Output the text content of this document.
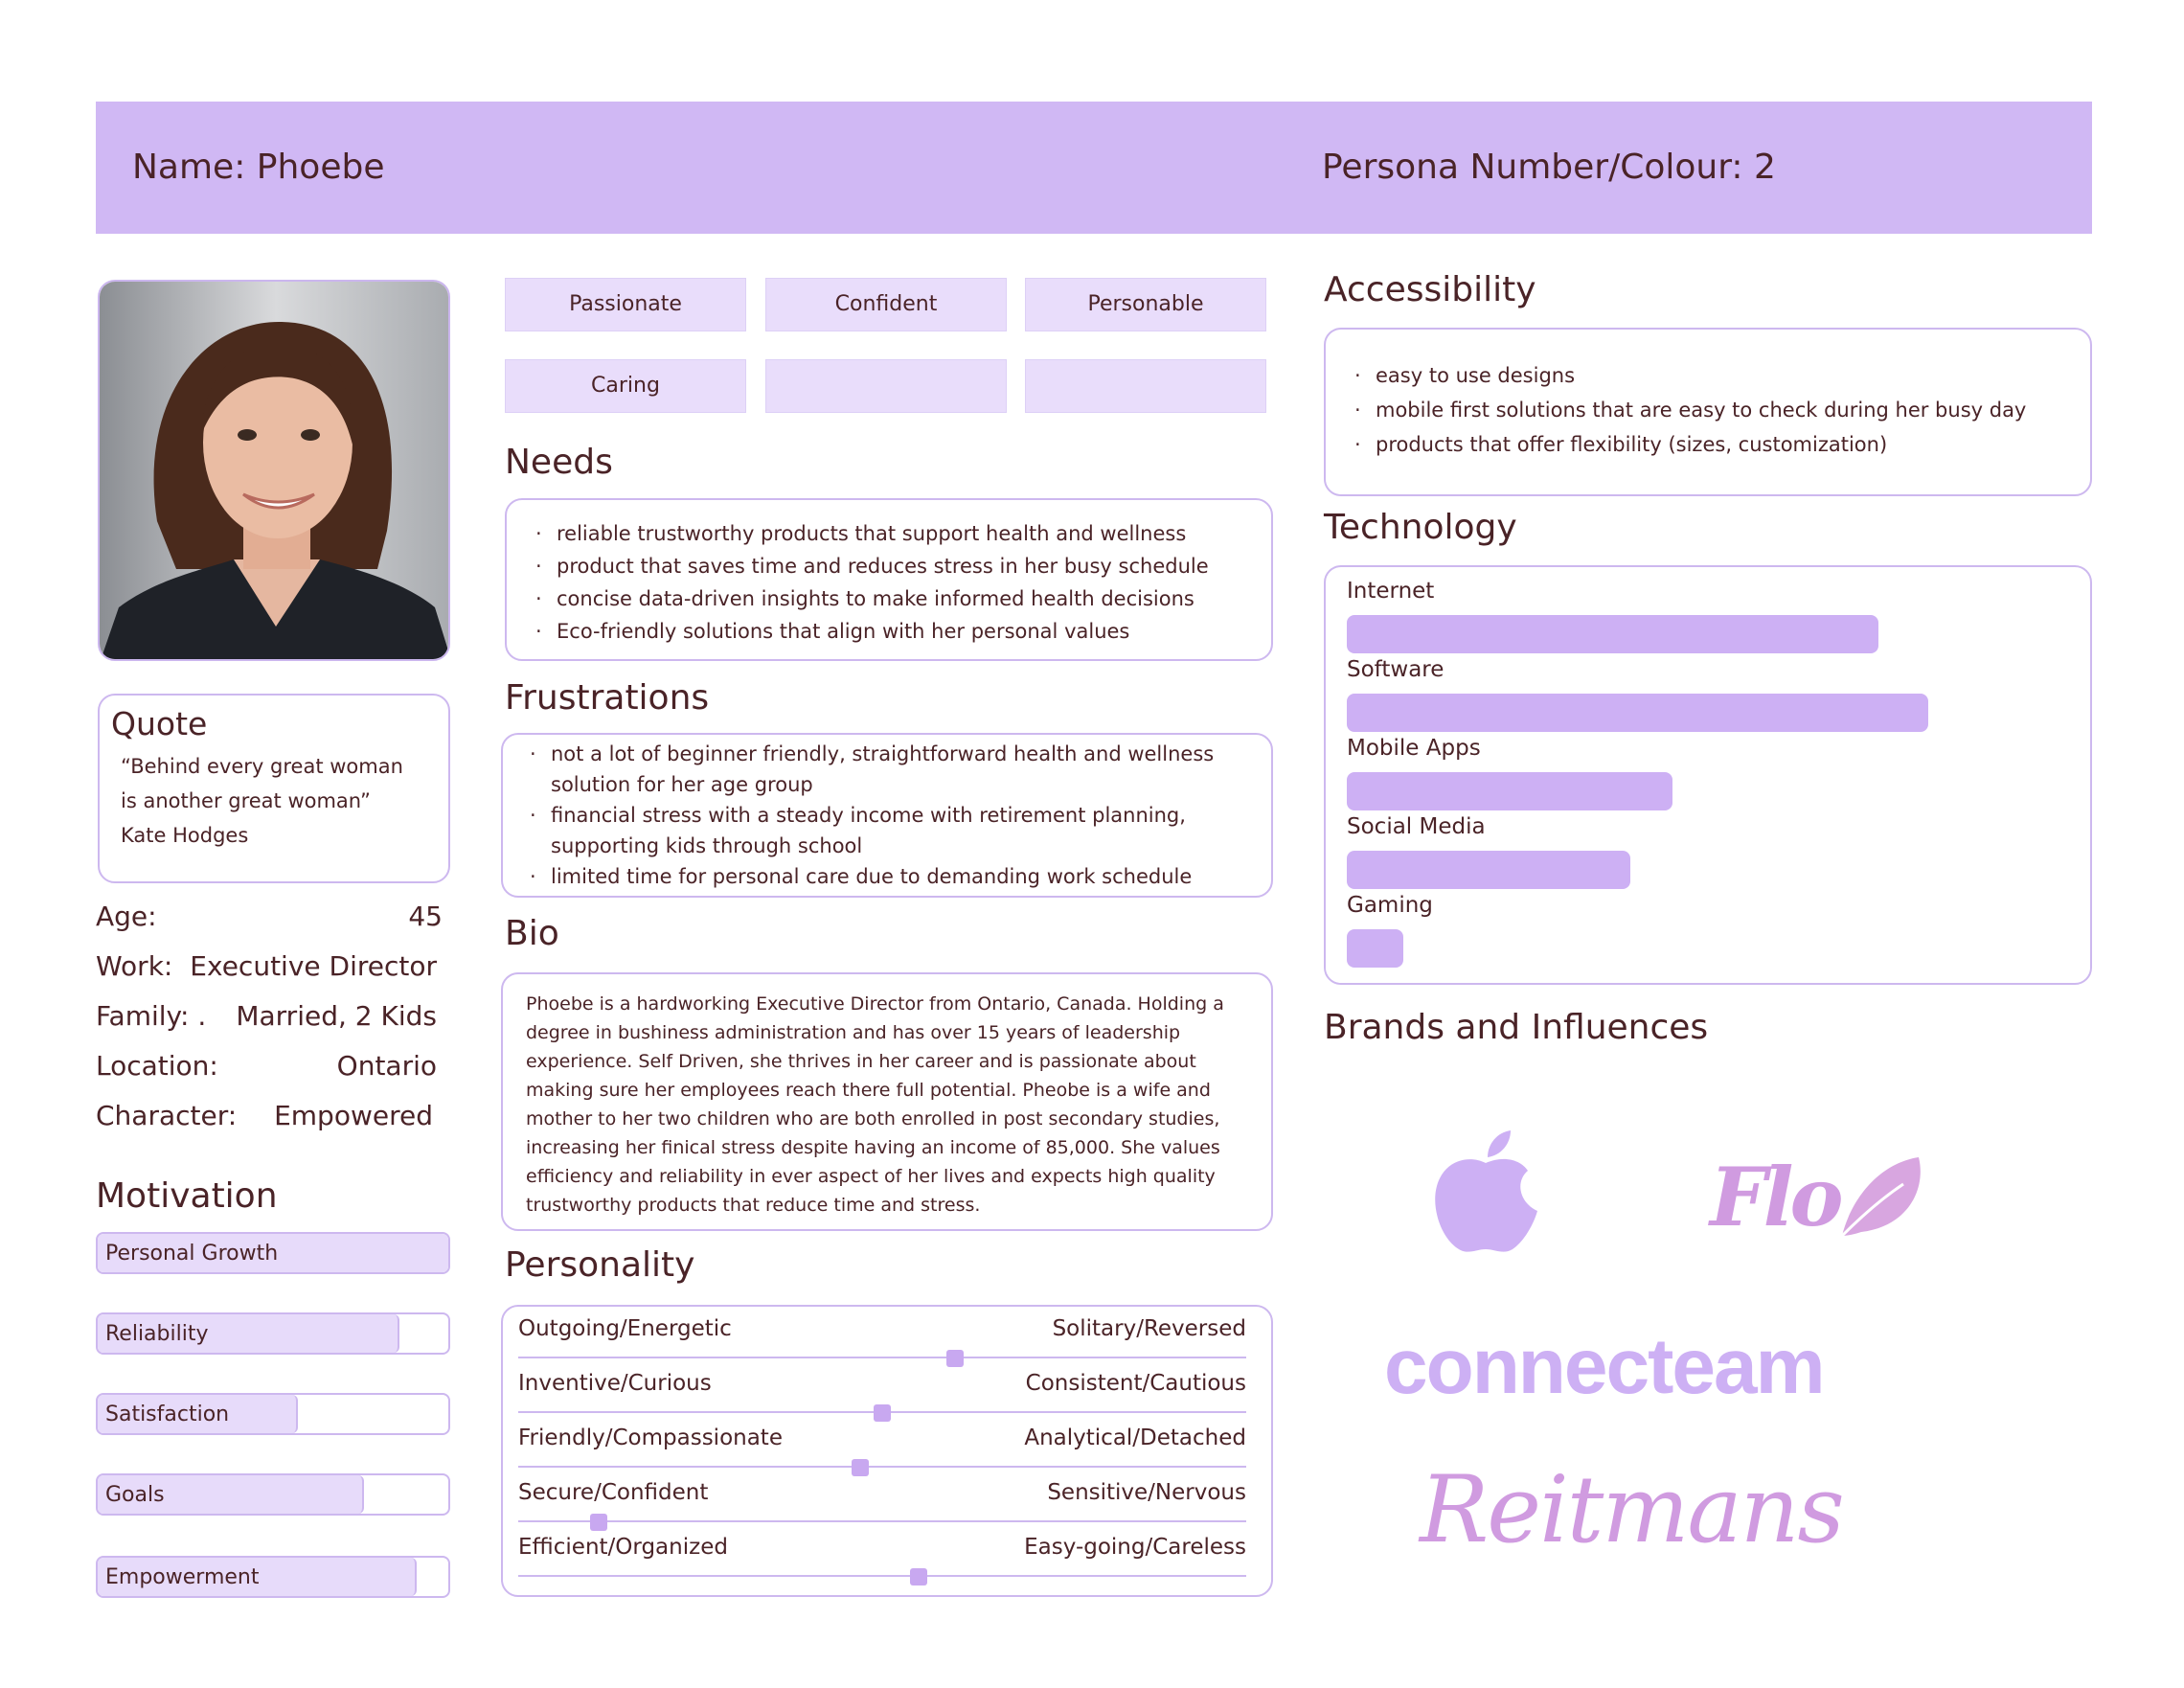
Name: Phoebe	Persona Number/Colour: 2
Quote
“Behind every great woman
is another great woman”
Kate Hodges
Age:	45
Work: Executive Director
Family: . Married, 2 Kids
Location:	Ontario
Character: Empowered
Motivation
Personal Growth
Reliability
Satisfaction
Goals
Empowerment
Passionate	Confident	Personable
Caring
Needs
· reliable trustworthy products that support health and wellness
· product that saves time and reduces stress in her busy schedule
· concise data-driven insights to make informed health decisions
· Eco-friendly solutions that align with her personal values
Frustrations
· not a lot of beginner friendly, straightforward health and wellness solution for her age group
· financial stress with a steady income with retirement planning, supporting kids through school
· limited time for personal care due to demanding work schedule
Bio
Phoebe is a hardworking Executive Director from Ontario, Canada. Holding a degree in bushiness administration and has over 15 years of leadership experience. Self Driven, she thrives in her career and is passionate about making sure her employees reach there full potential. Pheobe is a wife and mother to her two children who are both enrolled in post secondary studies, increasing her finical stress despite having an income of 85,000. She values efficiency and reliability in ever aspect of her lives and expects high quality trustworthy products that reduce time and stress.
Personality
Outgoing/Energetic	Solitary/Reversed
Inventive/Curious	Consistent/Cautious
Friendly/Compassionate	Analytical/Detached
Secure/Confident	Sensitive/Nervous
Efficient/Organized	Easy-going/Careless
Accessibility
· easy to use designs
· mobile first solutions that are easy to check during her busy day
· products that offer flexibility (sizes, customization)
Technology
Internet
Software
Mobile Apps
Social Media
Gaming
Brands and Influences
Flo
connecteam
Reitmans
